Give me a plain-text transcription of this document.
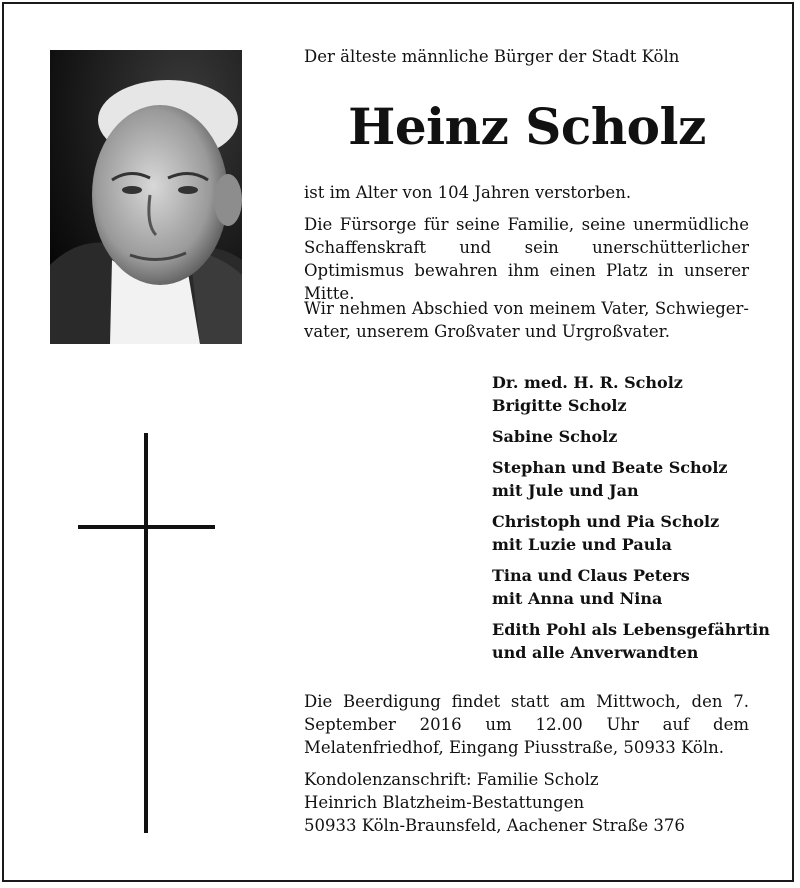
Der älteste männliche Bürger der Stadt Köln
Heinz Scholz
ist im Alter von 104 Jahren verstorben.
Die Fürsorge für seine Familie, seine unermüdliche Schaffenskraft und sein unerschütterlicher Optimismus bewahren ihm einen Platz in unserer Mitte.
Wir nehmen Abschied von meinem Vater, Schwieger-vater, unserem Großvater und Urgroßvater.
Dr. med. H. R. Scholz
Brigitte Scholz
Sabine Scholz
Stephan und Beate Scholz
mit Jule und Jan
Christoph und Pia Scholz
mit Luzie und Paula
Tina und Claus Peters
mit Anna und Nina
Edith Pohl als Lebensgefährtin
und alle Anverwandten
Die Beerdigung findet statt am Mittwoch, den 7. September 2016 um 12.00 Uhr auf dem Melatenfriedhof, Eingang Piusstraße, 50933 Köln.
Kondolenzanschrift: Familie Scholz
Heinrich Blatzheim-Bestattungen
50933 Köln-Braunsfeld, Aachener Straße 376
